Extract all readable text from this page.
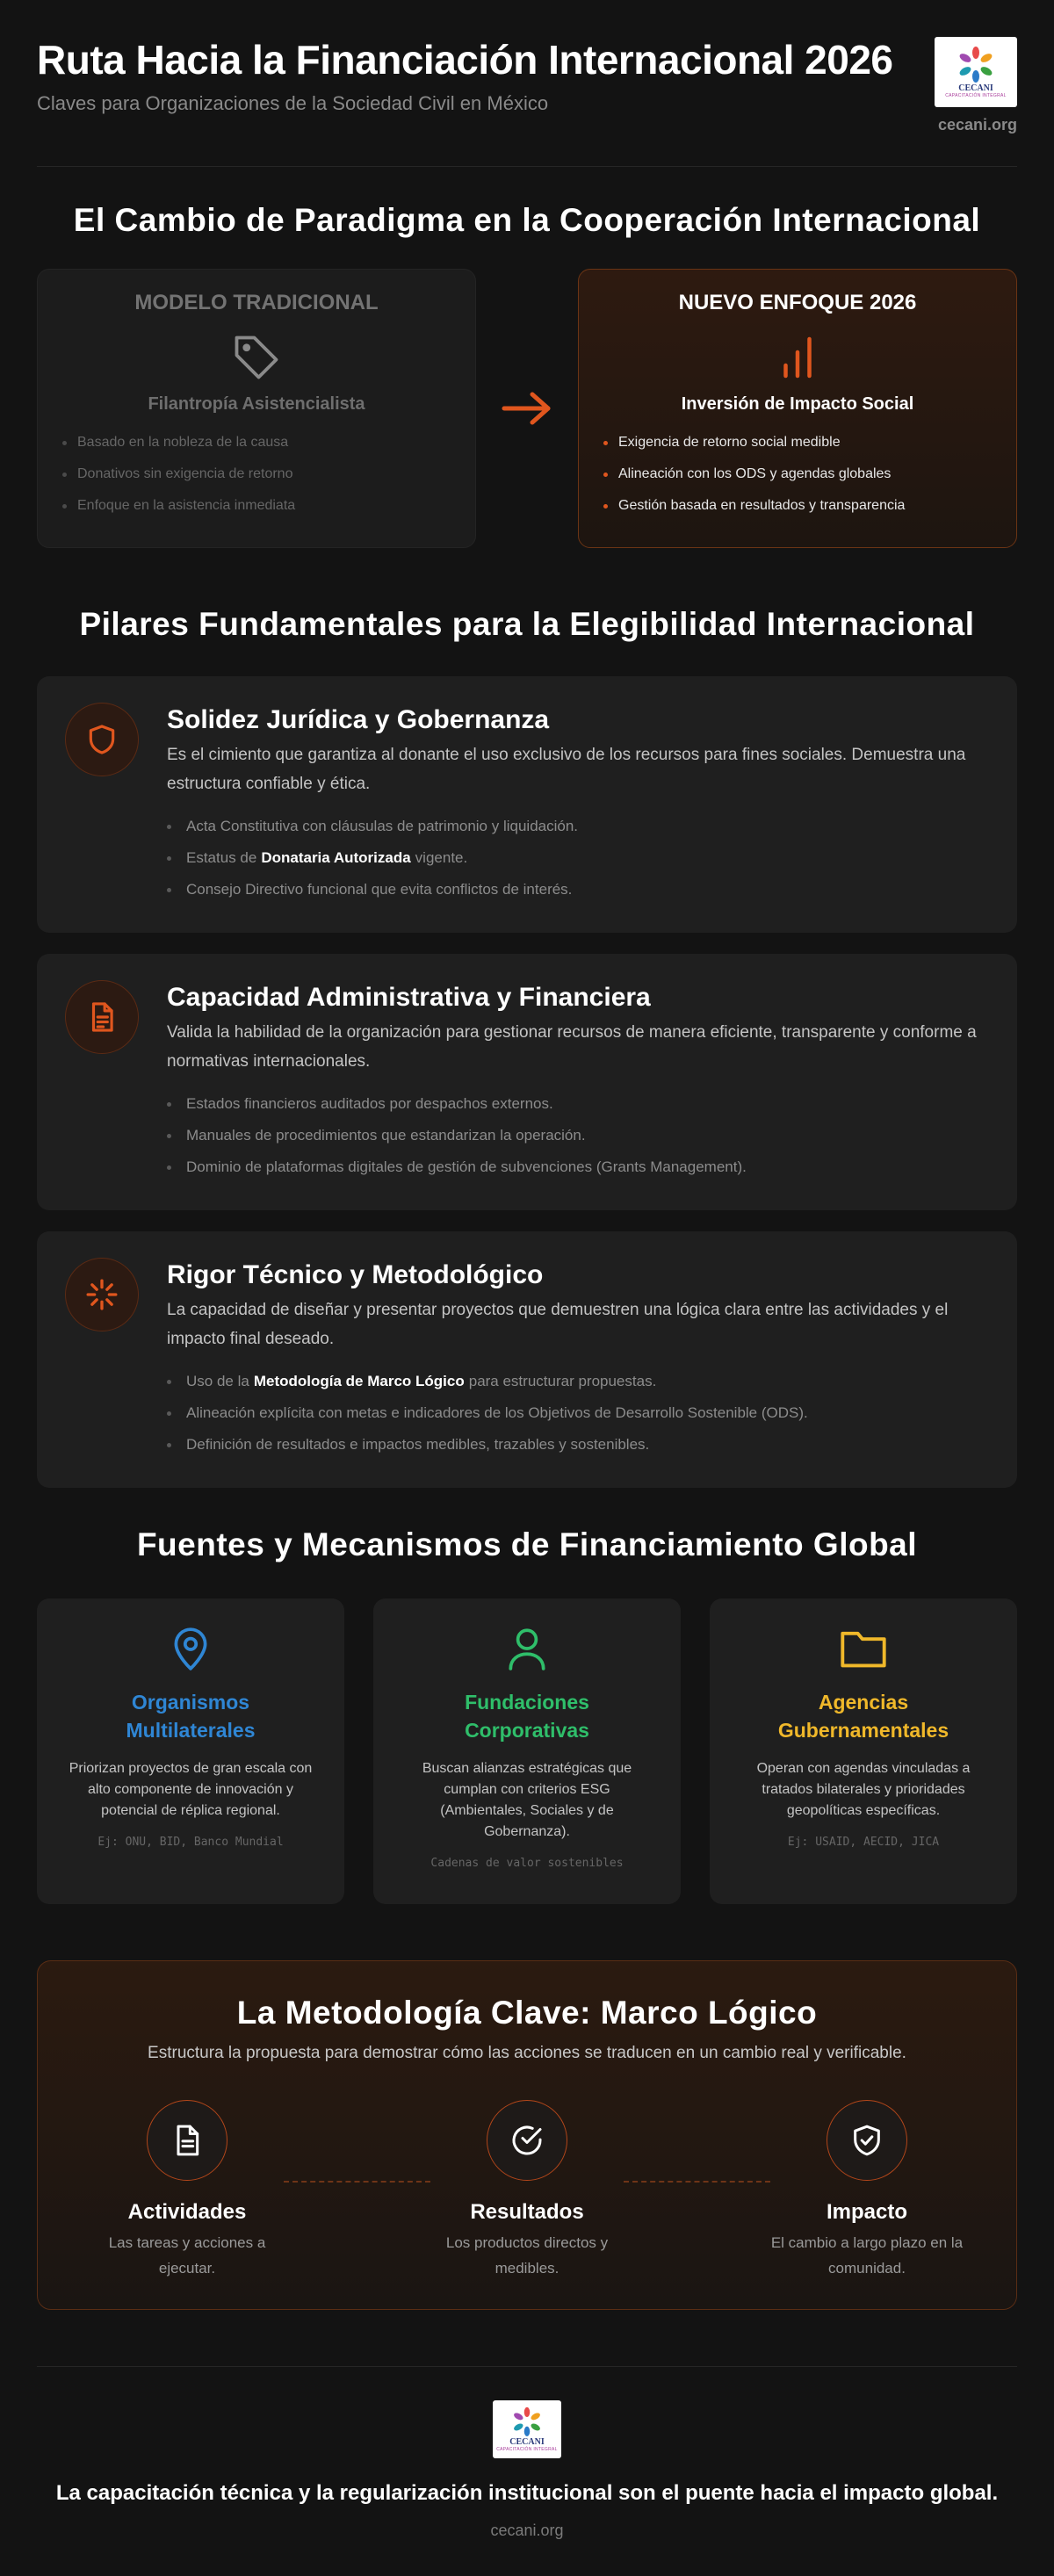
Ruta Hacia la Financiación Internacional 2026

Claves para Organizaciones de la Sociedad Civil en México

CECANI
CAPACITACIÓN INTEGRAL
cecani.org
El Cambio de Paradigma en la Cooperación Internacional
MODELO TRADICIONAL
Filantropía Asistencialista
Basado en la nobleza de la causa
Donativos sin exigencia de retorno
Enfoque en la asistencia inmediata
NUEVO ENFOQUE 2026
Inversión de Impacto Social
Exigencia de retorno social medible
Alineación con los ODS y agendas globales
Gestión basada en resultados y transparencia
Pilares Fundamentales para la Elegibilidad Internacional
Solidez Jurídica y Gobernanza

Es el cimiento que garantiza al donante el uso exclusivo de los recursos para fines sociales. Demuestra una estructura confiable y ética.

Acta Constitutiva con cláusulas de patrimonio y liquidación.
Estatus de Donataria Autorizada vigente.
Consejo Directivo funcional que evita conflictos de interés.
Capacidad Administrativa y Financiera

Valida la habilidad de la organización para gestionar recursos de manera eficiente, transparente y conforme a normativas internacionales.

Estados financieros auditados por despachos externos.
Manuales de procedimientos que estandarizan la operación.
Dominio de plataformas digitales de gestión de subvenciones (Grants Management).
Rigor Técnico y Metodológico

La capacidad de diseñar y presentar proyectos que demuestren una lógica clara entre las actividades y el impacto final deseado.

Uso de la Metodología de Marco Lógico para estructurar propuestas.
Alineación explícita con metas e indicadores de los Objetivos de Desarrollo Sostenible (ODS).
Definición de resultados e impactos medibles, trazables y sostenibles.
Fuentes y Mecanismos de Financiamiento Global
Organismos Multilaterales

Priorizan proyectos de gran escala con alto componente de innovación y potencial de réplica regional.

Ej: ONU, BID, Banco Mundial
Fundaciones Corporativas

Buscan alianzas estratégicas que cumplan con criterios ESG (Ambientales, Sociales y de Gobernanza).

Cadenas de valor sostenibles
Agencias Gubernamentales

Operan con agendas vinculadas a tratados bilaterales y prioridades geopolíticas específicas.

Ej: USAID, AECID, JICA
La Metodología Clave: Marco Lógico

Estructura la propuesta para demostrar cómo las acciones se traducen en un cambio real y verificable.

Actividades
Las tareas y acciones a ejecutar.
Resultados
Los productos directos y medibles.
Impacto
El cambio a largo plazo en la comunidad.
CECANI
CAPACITACIÓN INTEGRAL

La capacitación técnica y la regularización institucional son el puente hacia el impacto global.

cecani.org
